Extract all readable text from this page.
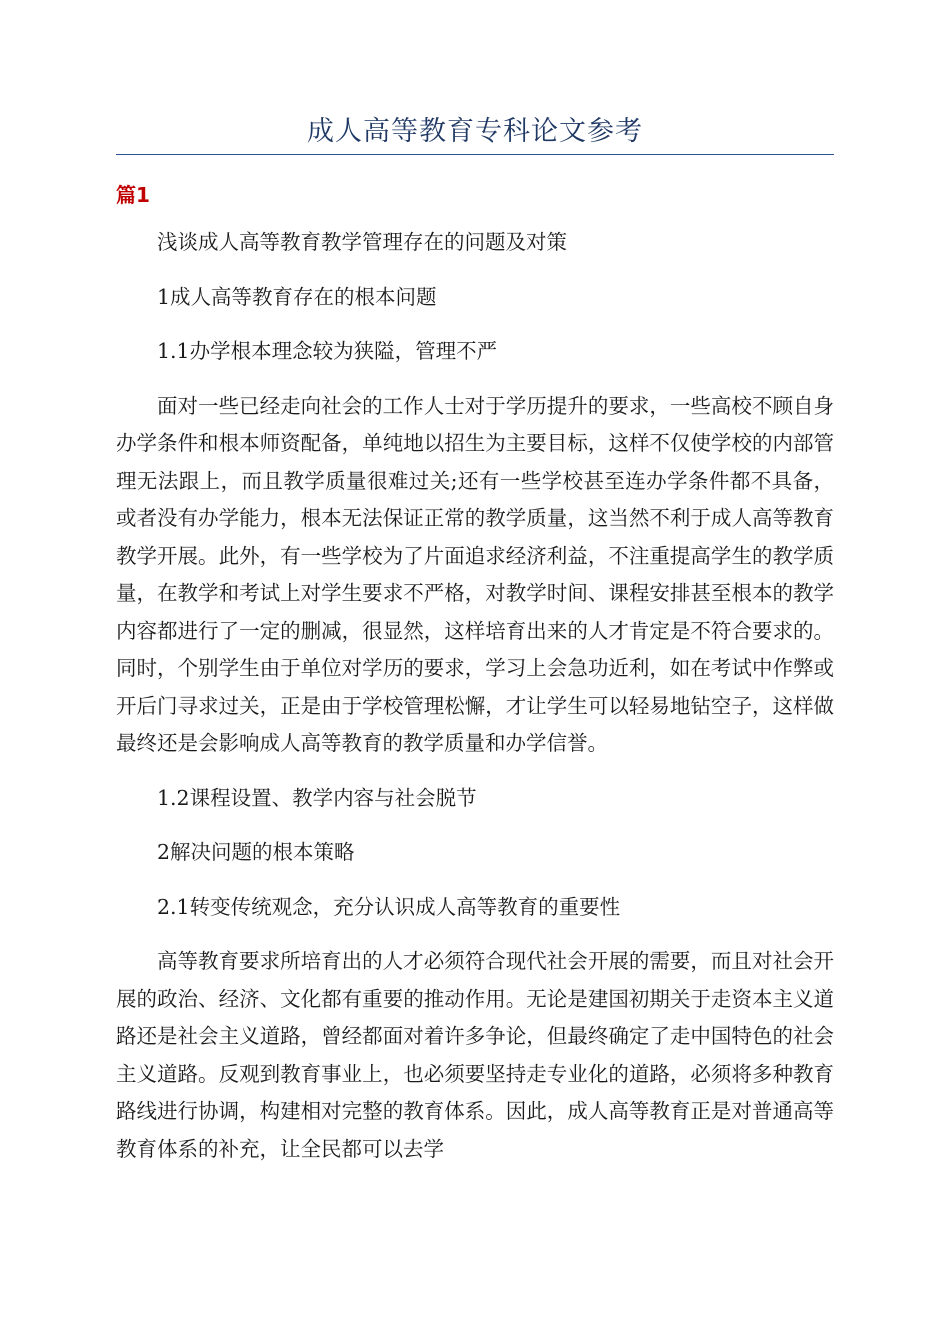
成人高等教育专科论文参考
篇1

浅谈成人高等教育教学管理存在的问题及对策

1成人高等教育存在的根本问题

1.1办学根本理念较为狭隘，管理不严

面对一些已经走向社会的工作人士对于学历提升的要求，一些高校不顾自身办学条件和根本师资配备，单纯地以招生为主要目标，这样不仅使学校的内部管理无法跟上，而且教学质量很难过关;还有一些学校甚至连办学条件都不具备，或者没有办学能力，根本无法保证正常的教学质量，这当然不利于成人高等教育教学开展。此外，有一些学校为了片面追求经济利益，不注重提高学生的教学质量，在教学和考试上对学生要求不严格，对教学时间、课程安排甚至根本的教学内容都进行了一定的删减，很显然，这样培育出来的人才肯定是不符合要求的。同时，个别学生由于单位对学历的要求，学习上会急功近利，如在考试中作弊或开后门寻求过关，正是由于学校管理松懈，才让学生可以轻易地钻空子，这样做最终还是会影响成人高等教育的教学质量和办学信誉。

1.2课程设置、教学内容与社会脱节

2解决问题的根本策略

2.1转变传统观念，充分认识成人高等教育的重要性

高等教育要求所培育出的人才必须符合现代社会开展的需要，而且对社会开展的政治、经济、文化都有重要的推动作用。无论是建国初期关于走资本主义道路还是社会主义道路，曾经都面对着许多争论，但最终确定了走中国特色的社会主义道路。反观到教育事业上，也必须要坚持走专业化的道路，必须将多种教育路线进行协调，构建相对完整的教育体系。因此，成人高等教育正是对普通高等教育体系的补充，让全民都可以去学
